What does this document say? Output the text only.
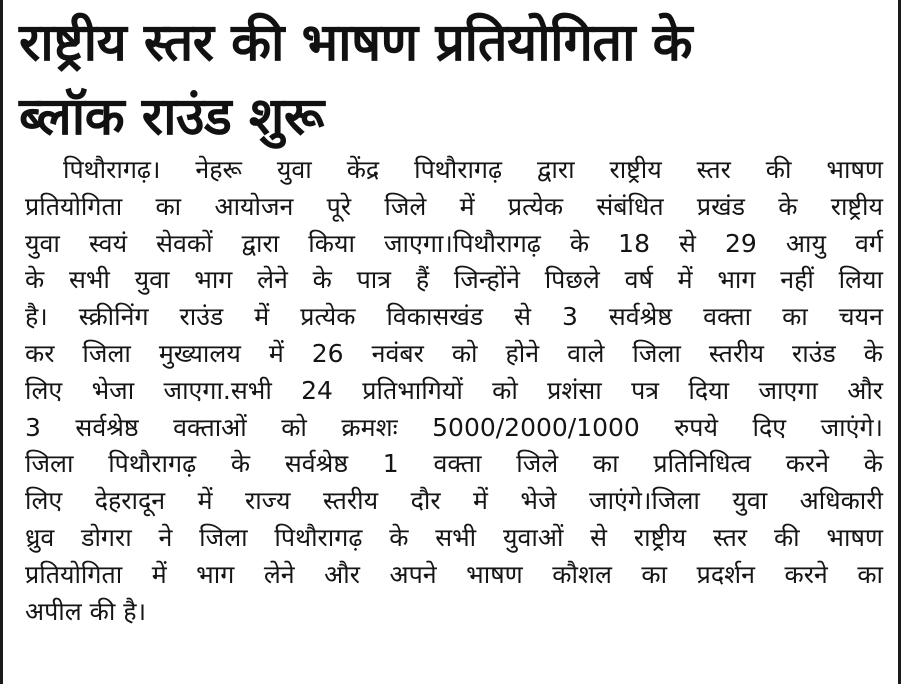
राष्ट्रीय स्तर की भाषण प्रतियोगिता के
ब्लॉक राउंड शुरू
पिथौरागढ़। नेहरू युवा केंद्र पिथौरागढ़ द्वारा राष्ट्रीय स्तर की भाषण
प्रतियोगिता का आयोजन पूरे जिले में प्रत्येक संबंधित प्रखंड के राष्ट्रीय
युवा स्वयं सेवकों द्वारा किया जाएगा।पिथौरागढ़ के 18 से 29 आयु वर्ग
के सभी युवा भाग लेने के पात्र हैं जिन्होंने पिछले वर्ष में भाग नहीं लिया
है। स्क्रीनिंग राउंड में प्रत्येक विकासखंड से 3 सर्वश्रेष्ठ वक्ता का चयन
कर जिला मुख्यालय में 26 नवंबर को होने वाले जिला स्तरीय राउंड के
लिए भेजा जाएगा.सभी 24 प्रतिभागियों को प्रशंसा पत्र दिया जाएगा और
3 सर्वश्रेष्ठ वक्ताओं को क्रमशः 5000/2000/1000 रुपये दिए जाएंगे।
जिला पिथौरागढ़ के सर्वश्रेष्ठ 1 वक्ता जिले का प्रतिनिधित्व करने के
लिए देहरादून में राज्य स्तरीय दौर में भेजे जाएंगे।जिला युवा अधिकारी
ध्रुव डोगरा ने जिला पिथौरागढ़ के सभी युवाओं से राष्ट्रीय स्तर की भाषण
प्रतियोगिता में भाग लेने और अपने भाषण कौशल का प्रदर्शन करने का
अपील की है।
